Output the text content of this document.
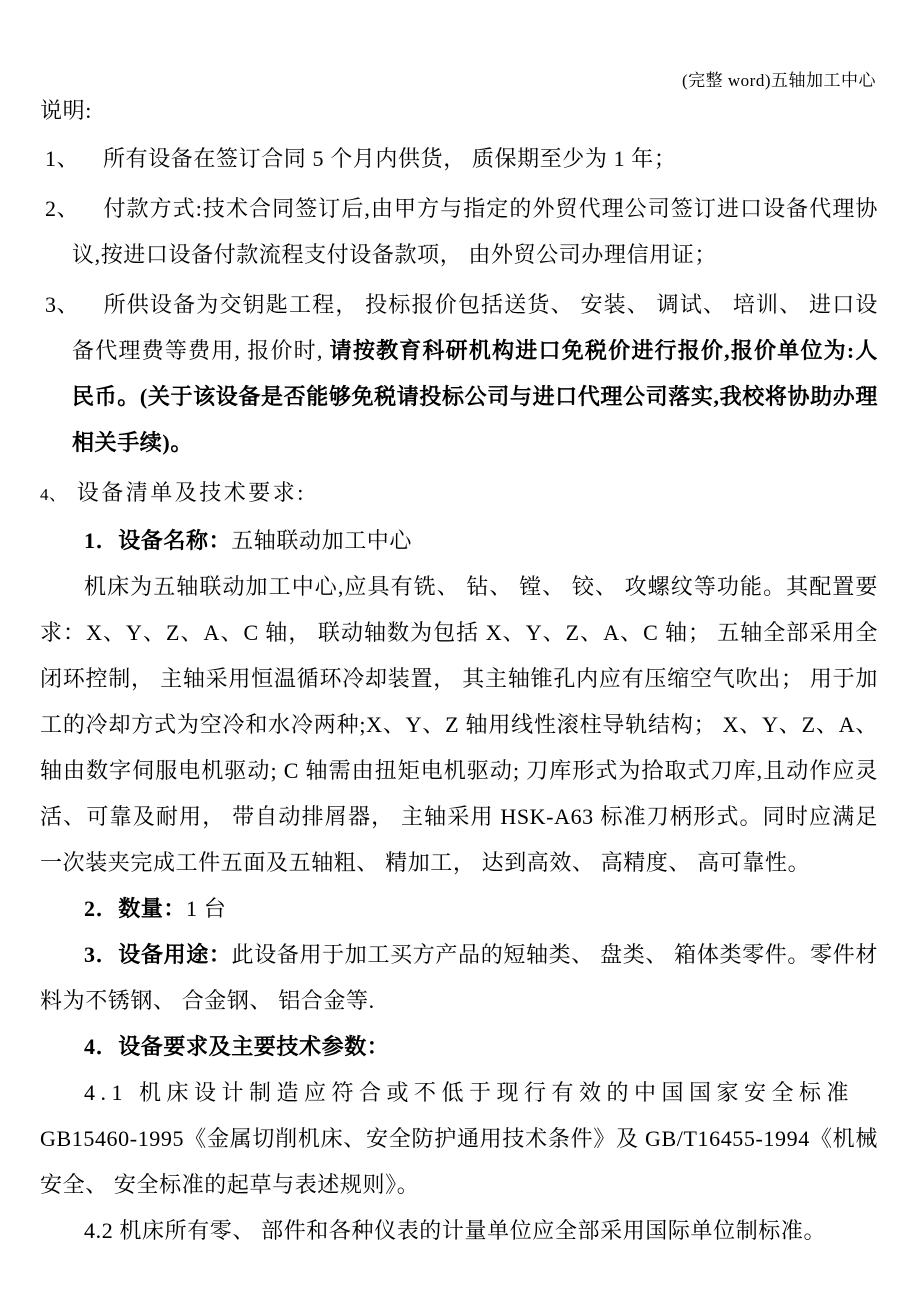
(完整 word)五轴加工中心

说明:

1、 所有设备在签订合同 5 个月内供货， 质保期至少为 1 年；

2、 付款方式:技术合同签订后,由甲方与指定的外贸代理公司签订进口设备代理协议,按进口设备付款流程支付设备款项， 由外贸公司办理信用证；

3、 所供设备为交钥匙工程， 投标报价包括送货、 安装、 调试、 培训、 进口设备代理费等费用, 报价时, 请按教育科研机构进口免税价进行报价,报价单位为:人民币。(关于该设备是否能够免税请投标公司与进口代理公司落实,我校将协助办理相关手续)。

4、 设备清单及技术要求:

1．设备名称：五轴联动加工中心

机床为五轴联动加工中心,应具有铣、 钻、 镗、 铰、 攻螺纹等功能。其配置要求：X、Y、Z、A、C 轴， 联动轴数为包括 X、Y、Z、A、C 轴； 五轴全部采用全闭环控制， 主轴采用恒温循环冷却装置， 其主轴锥孔内应有压缩空气吹出； 用于加工的冷却方式为空冷和水冷两种;X、Y、Z 轴用线性滚柱导轨结构； X、Y、Z、A、轴由数字伺服电机驱动; C 轴需由扭矩电机驱动; 刀库形式为拾取式刀库,且动作应灵活、可靠及耐用， 带自动排屑器， 主轴采用 HSK-A63 标准刀柄形式。同时应满足一次装夹完成工件五面及五轴粗、 精加工， 达到高效、 高精度、 高可靠性。

2．数量：1 台

3．设备用途：此设备用于加工买方产品的短轴类、 盘类、 箱体类零件。零件材料为不锈钢、 合金钢、 铝合金等.

4．设备要求及主要技术参数：

4.1 机床设计制造应符合或不低于现行有效的中国国家安全标准

GB15460-1995《金属切削机床、安全防护通用技术条件》及 GB/T16455-1994《机械安全、 安全标准的起草与表述规则》。

4.2 机床所有零、 部件和各种仪表的计量单位应全部采用国际单位制标准。
